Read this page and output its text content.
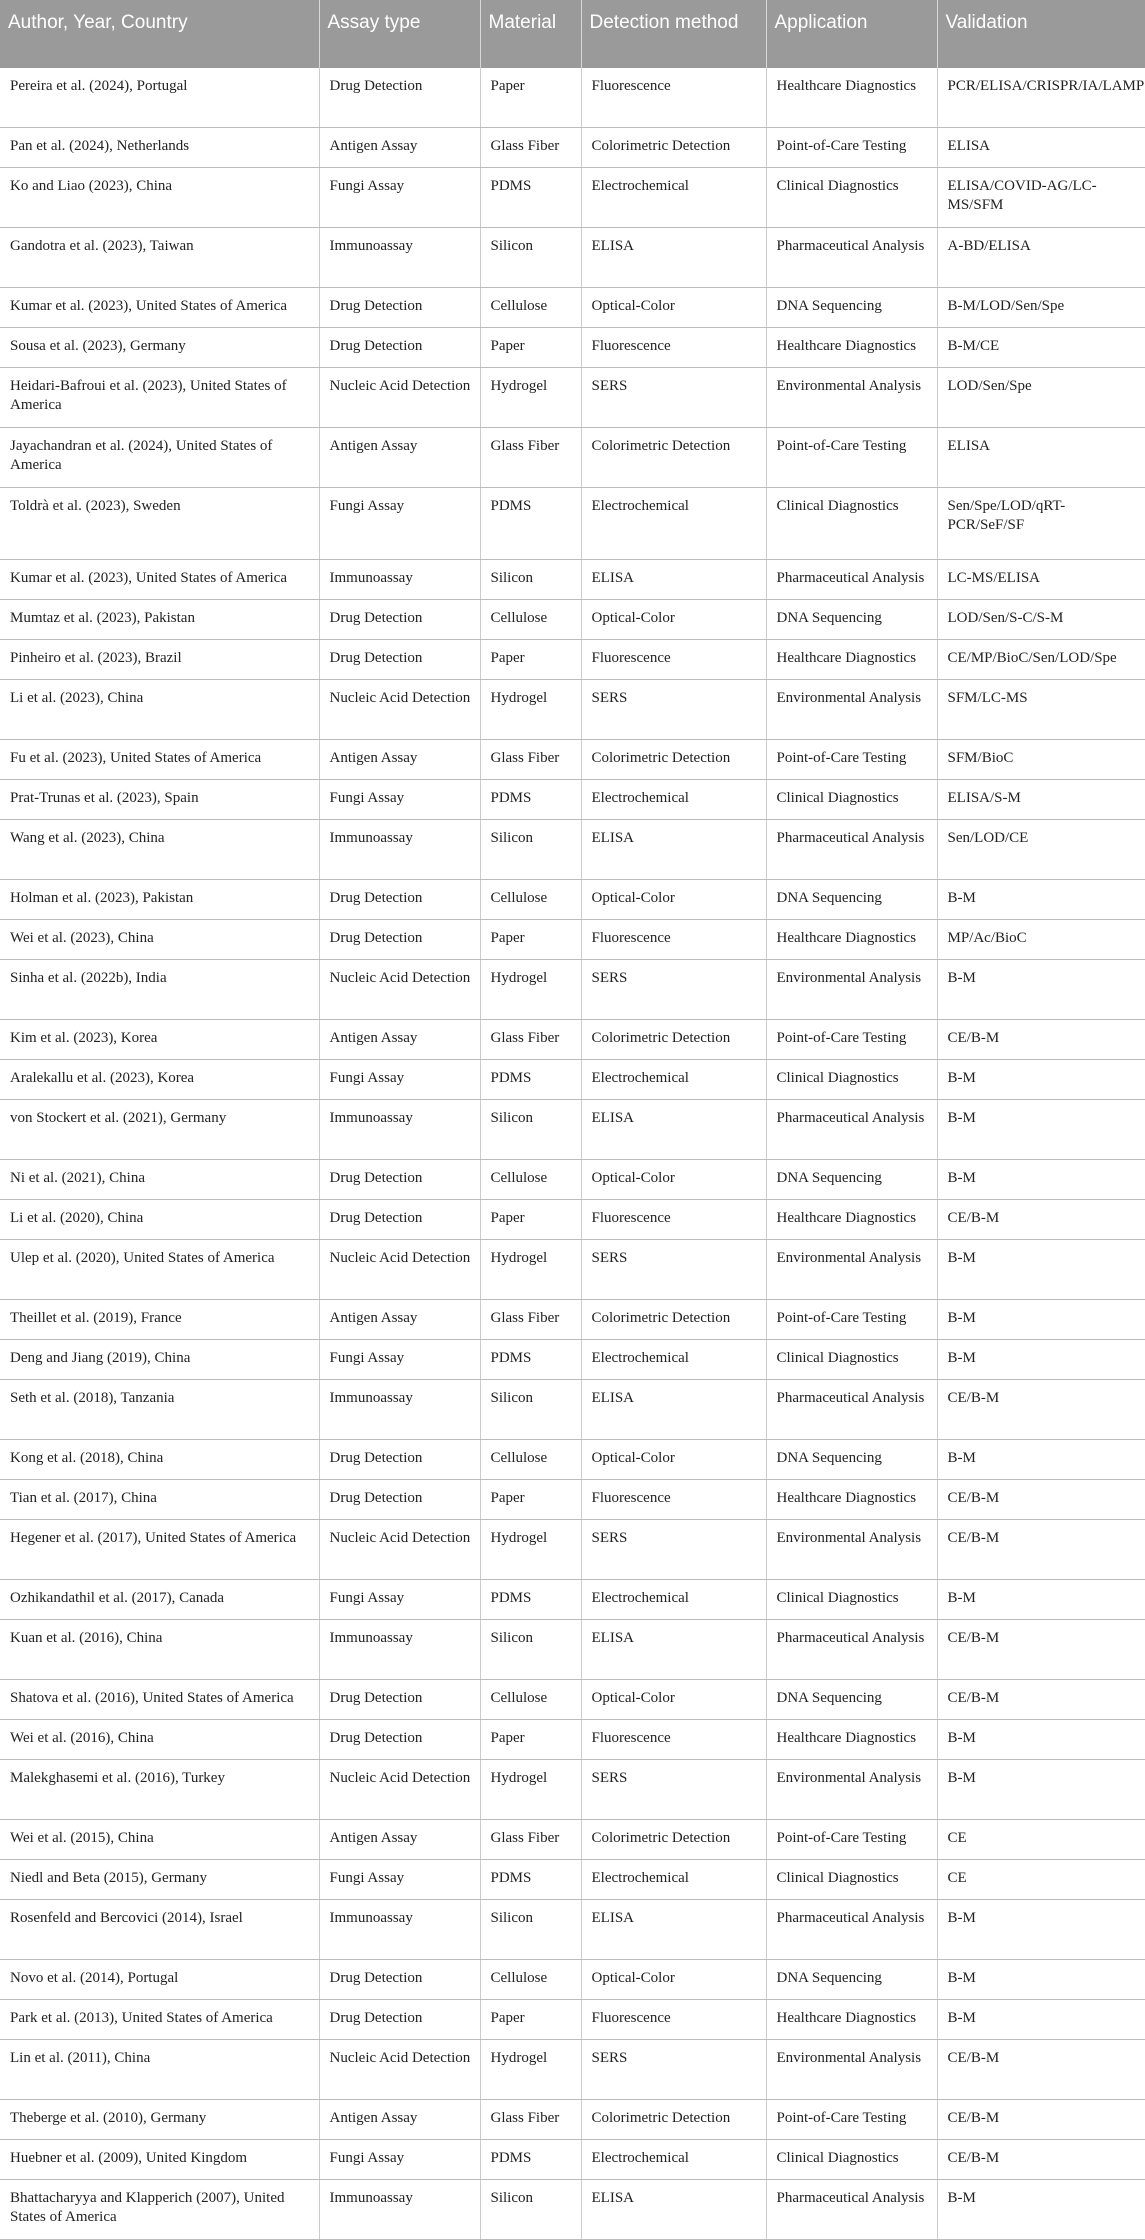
Author, Year, Country	Assay type	Material	Detection method	Application	Validation
Pereira et al. (2024), Portugal	Drug Detection	Paper	Fluorescence	Healthcare Diagnostics	PCR/ELISA/CRISPR/IA/LAMP
Pan et al. (2024), Netherlands	Antigen Assay	Glass Fiber	Colorimetric Detection	Point-of-Care Testing	ELISA
Ko and Liao (2023), China	Fungi Assay	PDMS	Electrochemical	Clinical Diagnostics	ELISA/COVID-AG/LC-MS/SFM
Gandotra et al. (2023), Taiwan	Immunoassay	Silicon	ELISA	Pharmaceutical Analysis	A-BD/ELISA
Kumar et al. (2023), United States of America	Drug Detection	Cellulose	Optical-Color	DNA Sequencing	B-M/LOD/Sen/Spe
Sousa et al. (2023), Germany	Drug Detection	Paper	Fluorescence	Healthcare Diagnostics	B-M/CE
Heidari-Bafroui et al. (2023), United States of America	Nucleic Acid Detection	Hydrogel	SERS	Environmental Analysis	LOD/Sen/Spe
Jayachandran et al. (2024), United States of America	Antigen Assay	Glass Fiber	Colorimetric Detection	Point-of-Care Testing	ELISA
Toldrà et al. (2023), Sweden	Fungi Assay	PDMS	Electrochemical	Clinical Diagnostics	Sen/Spe/LOD/qRT-PCR/SeF/SF
Kumar et al. (2023), United States of America	Immunoassay	Silicon	ELISA	Pharmaceutical Analysis	LC-MS/ELISA
Mumtaz et al. (2023), Pakistan	Drug Detection	Cellulose	Optical-Color	DNA Sequencing	LOD/Sen/S-C/S-M
Pinheiro et al. (2023), Brazil	Drug Detection	Paper	Fluorescence	Healthcare Diagnostics	CE/MP/BioC/Sen/LOD/Spe
Li et al. (2023), China	Nucleic Acid Detection	Hydrogel	SERS	Environmental Analysis	SFM/LC-MS
Fu et al. (2023), United States of America	Antigen Assay	Glass Fiber	Colorimetric Detection	Point-of-Care Testing	SFM/BioC
Prat-Trunas et al. (2023), Spain	Fungi Assay	PDMS	Electrochemical	Clinical Diagnostics	ELISA/S-M
Wang et al. (2023), China	Immunoassay	Silicon	ELISA	Pharmaceutical Analysis	Sen/LOD/CE
Holman et al. (2023), Pakistan	Drug Detection	Cellulose	Optical-Color	DNA Sequencing	B-M
Wei et al. (2023), China	Drug Detection	Paper	Fluorescence	Healthcare Diagnostics	MP/Ac/BioC
Sinha et al. (2022b), India	Nucleic Acid Detection	Hydrogel	SERS	Environmental Analysis	B-M
Kim et al. (2023), Korea	Antigen Assay	Glass Fiber	Colorimetric Detection	Point-of-Care Testing	CE/B-M
Aralekallu et al. (2023), Korea	Fungi Assay	PDMS	Electrochemical	Clinical Diagnostics	B-M
von Stockert et al. (2021), Germany	Immunoassay	Silicon	ELISA	Pharmaceutical Analysis	B-M
Ni et al. (2021), China	Drug Detection	Cellulose	Optical-Color	DNA Sequencing	B-M
Li et al. (2020), China	Drug Detection	Paper	Fluorescence	Healthcare Diagnostics	CE/B-M
Ulep et al. (2020), United States of America	Nucleic Acid Detection	Hydrogel	SERS	Environmental Analysis	B-M
Theillet et al. (2019), France	Antigen Assay	Glass Fiber	Colorimetric Detection	Point-of-Care Testing	B-M
Deng and Jiang (2019), China	Fungi Assay	PDMS	Electrochemical	Clinical Diagnostics	B-M
Seth et al. (2018), Tanzania	Immunoassay	Silicon	ELISA	Pharmaceutical Analysis	CE/B-M
Kong et al. (2018), China	Drug Detection	Cellulose	Optical-Color	DNA Sequencing	B-M
Tian et al. (2017), China	Drug Detection	Paper	Fluorescence	Healthcare Diagnostics	CE/B-M
Hegener et al. (2017), United States of America	Nucleic Acid Detection	Hydrogel	SERS	Environmental Analysis	CE/B-M
Ozhikandathil et al. (2017), Canada	Fungi Assay	PDMS	Electrochemical	Clinical Diagnostics	B-M
Kuan et al. (2016), China	Immunoassay	Silicon	ELISA	Pharmaceutical Analysis	CE/B-M
Shatova et al. (2016), United States of America	Drug Detection	Cellulose	Optical-Color	DNA Sequencing	CE/B-M
Wei et al. (2016), China	Drug Detection	Paper	Fluorescence	Healthcare Diagnostics	B-M
Malekghasemi et al. (2016), Turkey	Nucleic Acid Detection	Hydrogel	SERS	Environmental Analysis	B-M
Wei et al. (2015), China	Antigen Assay	Glass Fiber	Colorimetric Detection	Point-of-Care Testing	CE
Niedl and Beta (2015), Germany	Fungi Assay	PDMS	Electrochemical	Clinical Diagnostics	CE
Rosenfeld and Bercovici (2014), Israel	Immunoassay	Silicon	ELISA	Pharmaceutical Analysis	B-M
Novo et al. (2014), Portugal	Drug Detection	Cellulose	Optical-Color	DNA Sequencing	B-M
Park et al. (2013), United States of America	Drug Detection	Paper	Fluorescence	Healthcare Diagnostics	B-M
Lin et al. (2011), China	Nucleic Acid Detection	Hydrogel	SERS	Environmental Analysis	CE/B-M
Theberge et al. (2010), Germany	Antigen Assay	Glass Fiber	Colorimetric Detection	Point-of-Care Testing	CE/B-M
Huebner et al. (2009), United Kingdom	Fungi Assay	PDMS	Electrochemical	Clinical Diagnostics	CE/B-M
Bhattacharyya and Klapperich (2007), United States of America	Immunoassay	Silicon	ELISA	Pharmaceutical Analysis	B-M
